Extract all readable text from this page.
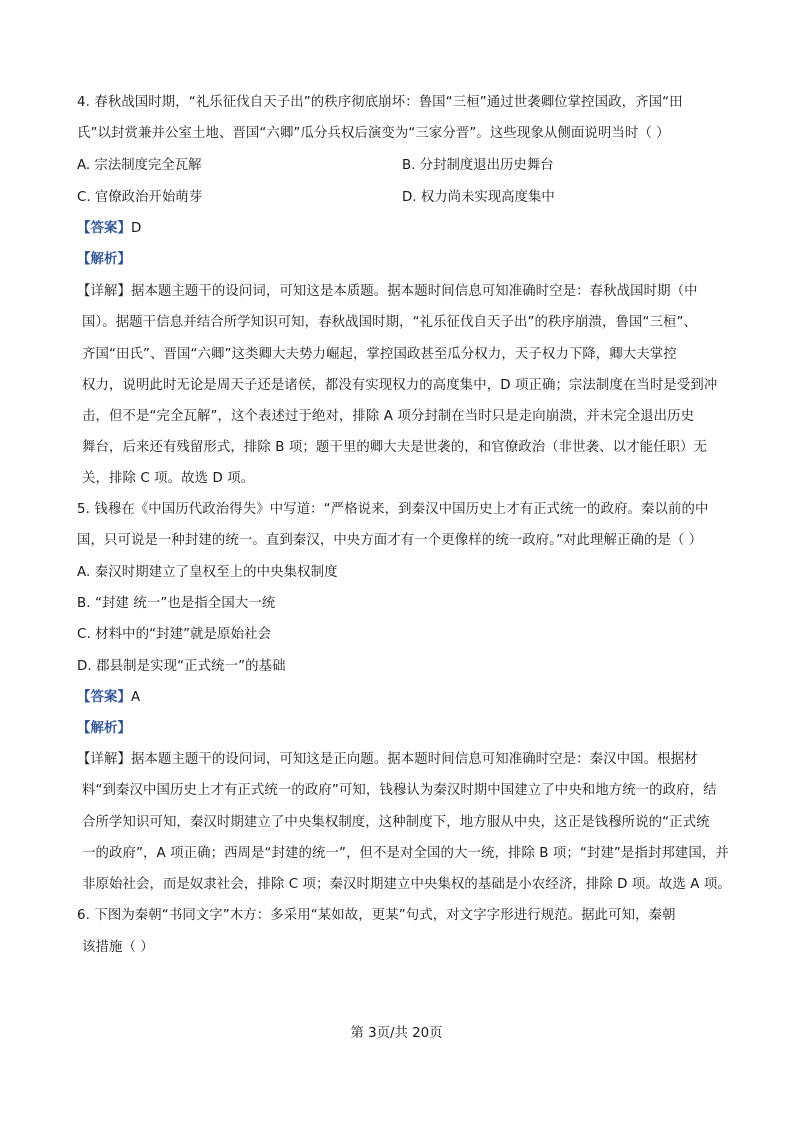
4. 春秋战国时期，“礼乐征伐自天子出”的秩序彻底崩坏：鲁国“三桓”通过世袭卿位掌控国政，齐国“田
氏”以封赏兼并公室土地、晋国“六卿”瓜分兵权后演变为“三家分晋”。这些现象从侧面说明当时（ ）
A. 宗法制度完全瓦解	B. 分封制度退出历史舞台
C. 官僚政治开始萌芽	D. 权力尚未实现高度集中
【答案】D
【解析】
【详解】据本题主题干的设问词，可知这是本质题。据本题时间信息可知准确时空是：春秋战国时期（中
国）。据题干信息并结合所学知识可知，春秋战国时期，“礼乐征伐自天子出”的秩序崩溃，鲁国“三桓”、
齐国“田氏”、晋国“六卿”这类卿大夫势力崛起，掌控国政甚至瓜分权力，天子权力下降，卿大夫掌控
权力，说明此时无论是周天子还是诸侯，都没有实现权力的高度集中，D 项正确；宗法制度在当时是受到冲
击，但不是“完全瓦解”，这个表述过于绝对，排除 A 项分封制在当时只是走向崩溃，并未完全退出历史
舞台，后来还有残留形式，排除 B 项；题干里的卿大夫是世袭的，和官僚政治（非世袭、以才能任职）无
关，排除 C 项。故选 D 项。
5. 钱穆在《中国历代政治得失》中写道：“严格说来，到秦汉中国历史上才有正式统一的政府。秦以前的中
国，只可说是一种封建的统一。直到秦汉，中央方面才有一个更像样的统一政府。”对此理解正确的是（ ）
A. 秦汉时期建立了皇权至上的中央集权制度
B. “封建 统一”也是指全国大一统
C. 材料中的“封建”就是原始社会
D. 郡县制是实现“正式统一”的基础
【答案】A
【解析】
【详解】据本题主题干的设问词，可知这是正向题。据本题时间信息可知准确时空是：秦汉中国。根据材
料“到秦汉中国历史上才有正式统一的政府”可知，钱穆认为秦汉时期中国建立了中央和地方统一的政府，结
合所学知识可知，秦汉时期建立了中央集权制度，这种制度下，地方服从中央，这正是钱穆所说的“正式统
一的政府”，A 项正确；西周是“封建的统一”，但不是对全国的大一统，排除 B 项；“封建”是指封邦建国，并
非原始社会，而是奴隶社会，排除 C 项；秦汉时期建立中央集权的基础是小农经济，排除 D 项。故选 A 项。
6. 下图为秦朝“书同文字”木方：多采用“某如故，更某”句式，对文字字形进行规范。据此可知，秦朝
该措施（ ）
第 3页/共 20页
